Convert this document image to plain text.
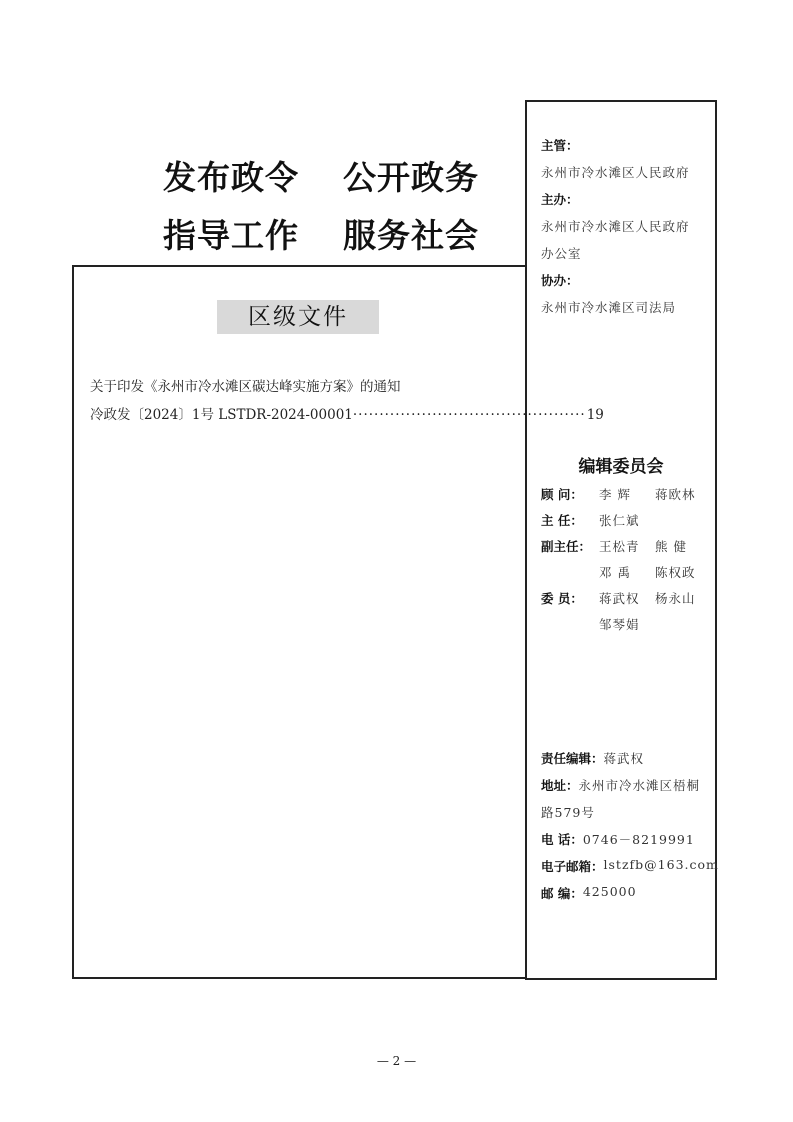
发布政令 公开政务
指导工作 服务社会
区级文件
关于印发《永州市冷水滩区碳达峰实施方案》的通知
冷政发〔2024〕1号 LSTDR-2024-00001 ············································ 19
主管：
永州市冷水滩区人民政府
主办：
永州市冷水滩区人民政府
办公室
协办：
永州市冷水滩区司法局
编辑委员会
顾 问：	李 辉 蒋欧林
主 任：	张仁斌
副主任： 王松青 熊 健
邓 禹 陈权政
委 员：	蒋武权 杨永山
邹琴娟
责任编辑： 蒋武权
地址： 永州市冷水滩区梧桐
路579号
电 话： 0746－8219991
电子邮箱： lstzfb@163.com
邮 编： 425000
— 2 —
